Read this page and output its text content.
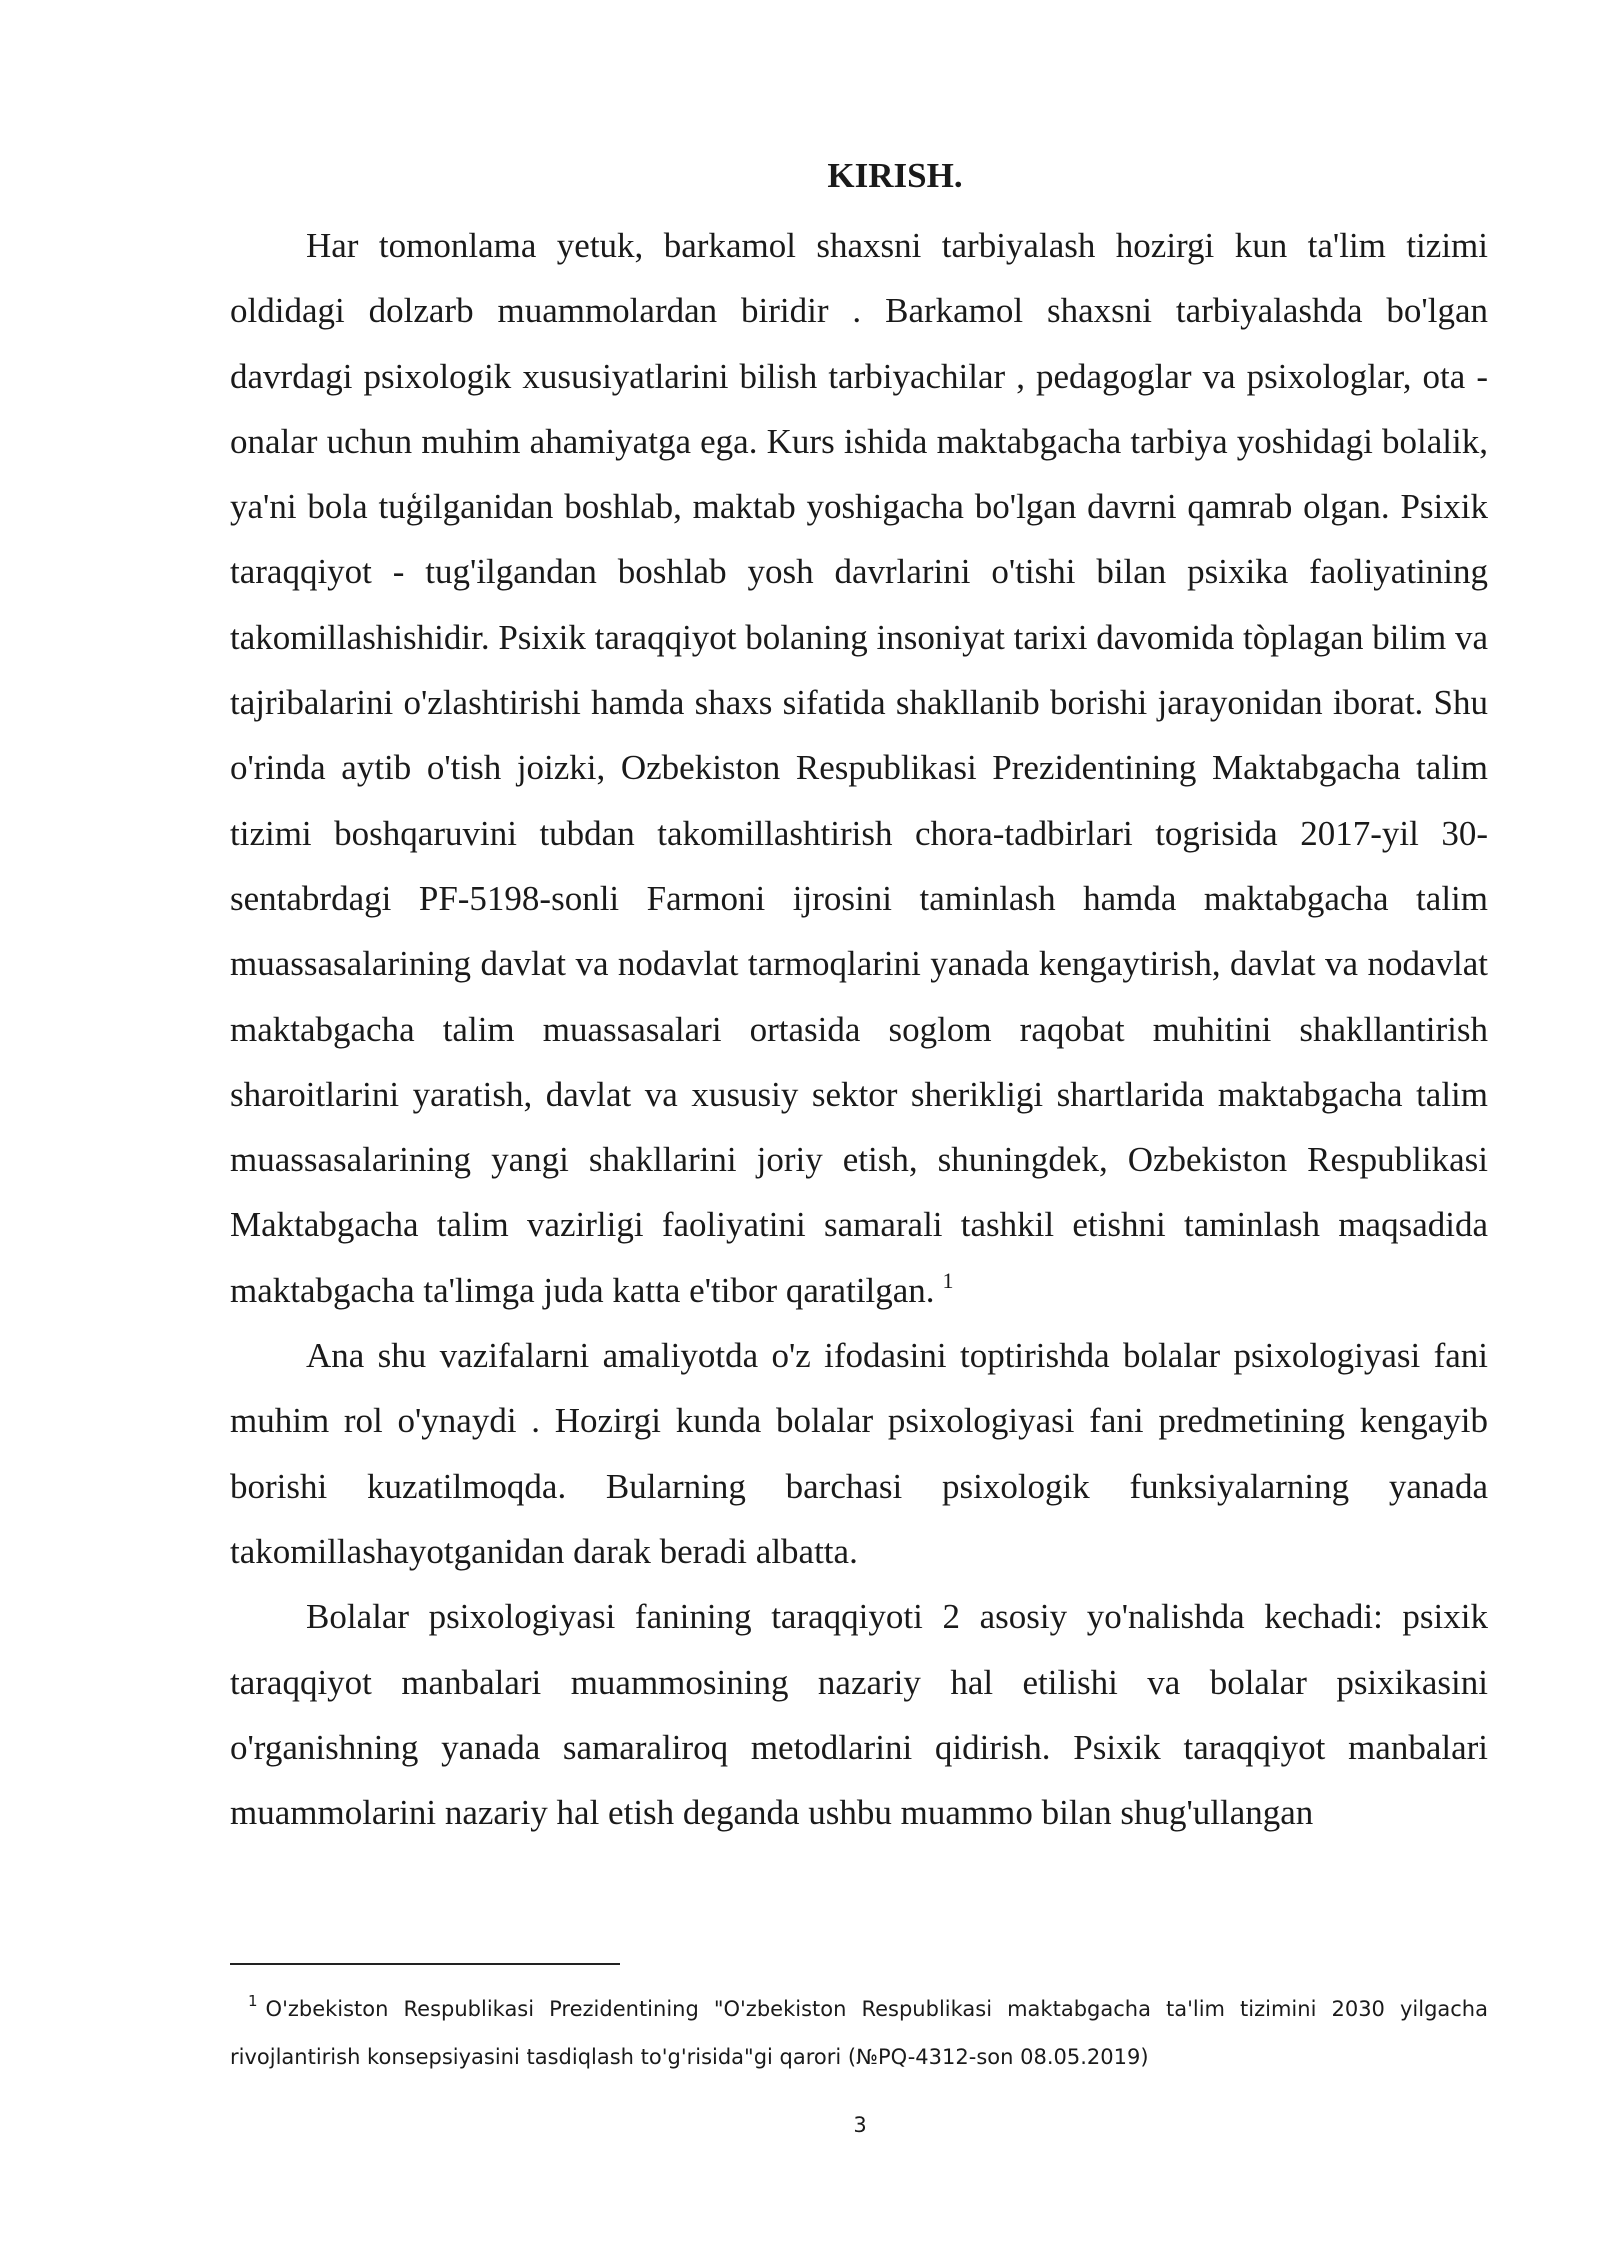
KIRISH.

Har tomonlama yetuk, barkamol shaxsni tarbiyalash hozirgi kun ta'lim tizimi oldidagi dolzarb muammolardan biridir . Barkamol shaxsni tarbiyalashda bo'lgan davrdagi psixologik xususiyatlarini bilish tarbiyachilar , pedagoglar va psixologlar, ota - onalar uchun muhim ahamiyatga ega. Kurs ishida maktabgacha tarbiya yoshidagi bolalik, ya'ni bola tuģilganidan boshlab, maktab yoshigacha bo'lgan davrni qamrab olgan. Psixik taraqqiyot - tug'ilgandan boshlab yosh davrlarini o'tishi bilan psixika faoliyatining takomillashishidir. Psixik taraqqiyot bolaning insoniyat tarixi davomida tòplagan bilim va tajribalarini o'zlashtirishi hamda shaxs sifatida shakllanib borishi jarayonidan iborat. Shu o'rinda aytib o'tish joizki, Ozbekiston Respublikasi Prezidentining Maktabgacha talim tizimi boshqaruvini tubdan takomillashtirish chora-tadbirlari togrisida 2017-yil 30-sentabrdagi PF-5198-sonli Farmoni ijrosini taminlash hamda maktabgacha talim muassasalarining davlat va nodavlat tarmoqlarini yanada kengaytirish, davlat va nodavlat maktabgacha talim muassasalari ortasida soglom raqobat muhitini shakllantirish sharoitlarini yaratish, davlat va xususiy sektor sherikligi shartlarida maktabgacha talim muassasalarining yangi shakllarini joriy etish, shuningdek, Ozbekiston Respublikasi Maktabgacha talim vazirligi faoliyatini samarali tashkil etishni taminlash maqsadida maktabgacha ta'limga juda katta e'tibor qaratilgan. $^1$

Ana shu vazifalarni amaliyotda o'z ifodasini toptirishda bolalar psixologiyasi fani muhim rol o'ynaydi . Hozirgi kunda bolalar psixologiyasi fani predmetining kengayib borishi kuzatilmoqda. Bularning barchasi psixologik funksiyalarning yanada takomillashayotganidan darak beradi albatta.

Bolalar psixologiyasi fanining taraqqiyoti 2 asosiy yo'nalishda kechadi: psixik taraqqiyot manbalari muammosining nazariy hal etilishi va bolalar psixikasini o'rganishning yanada samaraliroq metodlarini qidirish. Psixik taraqqiyot manbalari muammolarini nazariy hal etish deganda ushbu muammo bilan shug'ullangan

$^1$ O'zbekiston Respublikasi Prezidentining "O'zbekiston Respublikasi maktabgacha ta'lim tizimini 2030 yilgacha rivojlantirish konsepsiyasini tasdiqlash to'g'risida"gi qarori (№PQ-4312-son 08.05.2019)

3
